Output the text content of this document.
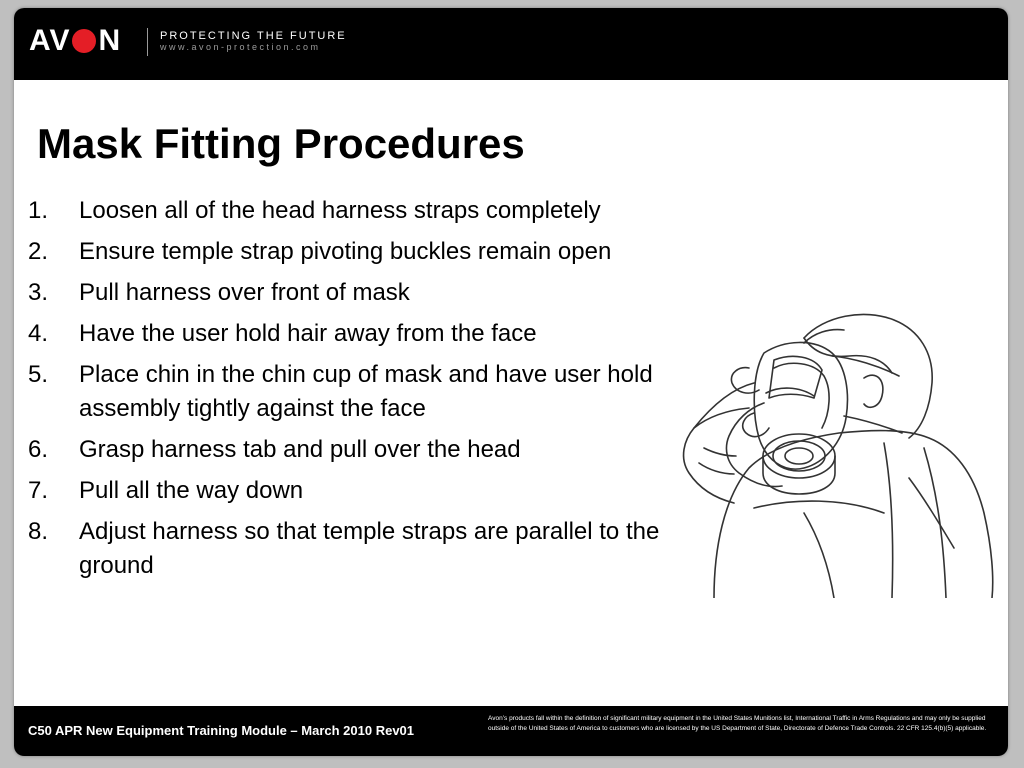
AV N	PROTECTING THE FUTURE
www.avon-protection.com
Mask Fitting Procedures
1.	Loosen all of the head harness straps completely
2.	Ensure temple strap pivoting buckles remain open
3.	Pull harness over front of mask
4.	Have the user hold hair away from the face
5.	Place chin in the chin cup of mask and have user hold assembly tightly against the face
6.	Grasp harness tab and pull over the head
7.	Pull all the way down
8.	Adjust harness so that temple straps are parallel to the ground
C50 APR New Equipment Training Module – March 2010 Rev01
Avon’s products fall within the definition of significant military equipment in the United States Munitions list, International Traffic in Arms Regulations and may only be supplied outside of the United States of America to customers who are licensed by the US Department of State, Directorate of Defence Trade Controls. 22 CFR 125.4(b)(5) applicable.
